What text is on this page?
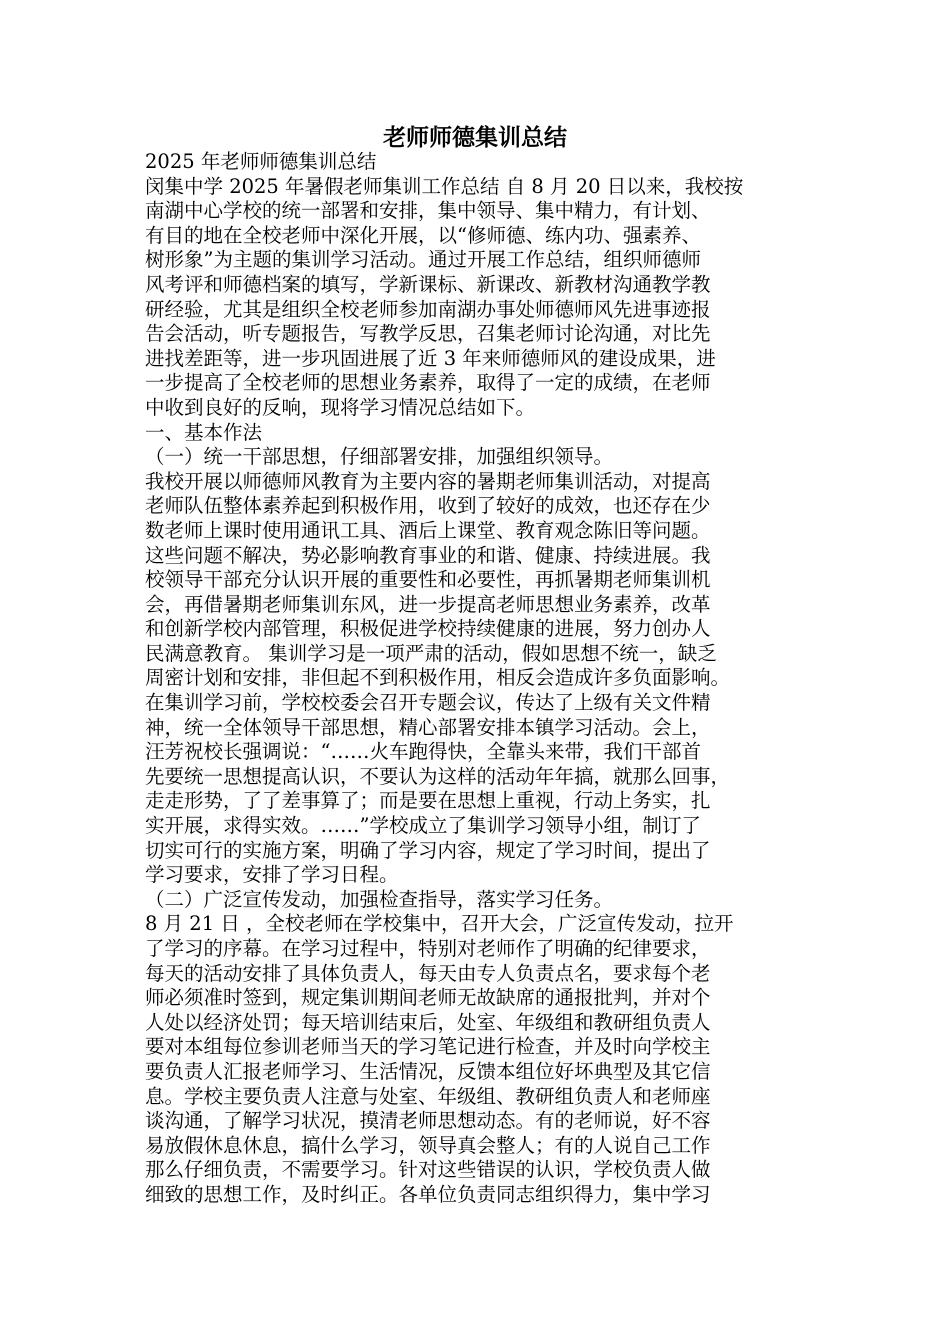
老师师德集训总结

2025 年老师师德集训总结

闵集中学 2025 年暑假老师集训工作总结 自 8 月 20 日以来，我校按

南湖中心学校的统一部署和安排，集中领导、集中精力，有计划、

有目的地在全校老师中深化开展，以“修师德、练内功、强素养、

树形象”为主题的集训学习活动。通过开展工作总结，组织师德师

风考评和师德档案的填写，学新课标、新课改、新教材沟通教学教

研经验，尤其是组织全校老师参加南湖办事处师德师风先进事迹报

告会活动，听专题报告，写教学反思，召集老师讨论沟通，对比先

进找差距等，进一步巩固进展了近 3 年来师德师风的建设成果，进

一步提高了全校老师的思想业务素养，取得了一定的成绩，在老师

中收到良好的反响，现将学习情况总结如下。

一、基本作法

（一）统一干部思想，仔细部署安排，加强组织领导。

我校开展以师德师风教育为主要内容的暑期老师集训活动，对提高

老师队伍整体素养起到积极作用，收到了较好的成效，也还存在少

数老师上课时使用通讯工具、酒后上课堂、教育观念陈旧等问题。

这些问题不解决，势必影响教育事业的和谐、健康、持续进展。我

校领导干部充分认识开展的重要性和必要性，再抓暑期老师集训机

会，再借暑期老师集训东风，进一步提高老师思想业务素养，改革

和创新学校内部管理，积极促进学校持续健康的进展，努力创办人

民满意教育。 集训学习是一项严肃的活动，假如思想不统一，缺乏

周密计划和安排，非但起不到积极作用，相反会造成许多负面影响。

在集训学习前，学校校委会召开专题会议，传达了上级有关文件精

神，统一全体领导干部思想，精心部署安排本镇学习活动。会上，

汪芳祝校长强调说：“……火车跑得快，全靠头来带，我们干部首

先要统一思想提高认识，不要认为这样的活动年年搞，就那么回事，

走走形势，了了差事算了；而是要在思想上重视，行动上务实，扎

实开展，求得实效。……”学校成立了集训学习领导小组，制订了

切实可行的实施方案，明确了学习内容，规定了学习时间，提出了

学习要求，安排了学习日程。

（二）广泛宣传发动，加强检查指导，落实学习任务。

8 月 21 日 ，全校老师在学校集中，召开大会，广泛宣传发动，拉开

了学习的序幕。在学习过程中，特别对老师作了明确的纪律要求，

每天的活动安排了具体负责人，每天由专人负责点名，要求每个老

师必须准时签到，规定集训期间老师无故缺席的通报批判，并对个

人处以经济处罚；每天培训结束后，处室、年级组和教研组负责人

要对本组每位参训老师当天的学习笔记进行检查，并及时向学校主

要负责人汇报老师学习、生活情况，反馈本组位好坏典型及其它信

息。学校主要负责人注意与处室、年级组、教研组负责人和老师座

谈沟通，了解学习状况，摸清老师思想动态。有的老师说，好不容

易放假休息休息，搞什么学习，领导真会整人；有的人说自己工作

那么仔细负责，不需要学习。针对这些错误的认识，学校负责人做

细致的思想工作，及时纠正。各单位负责同志组织得力，集中学习
